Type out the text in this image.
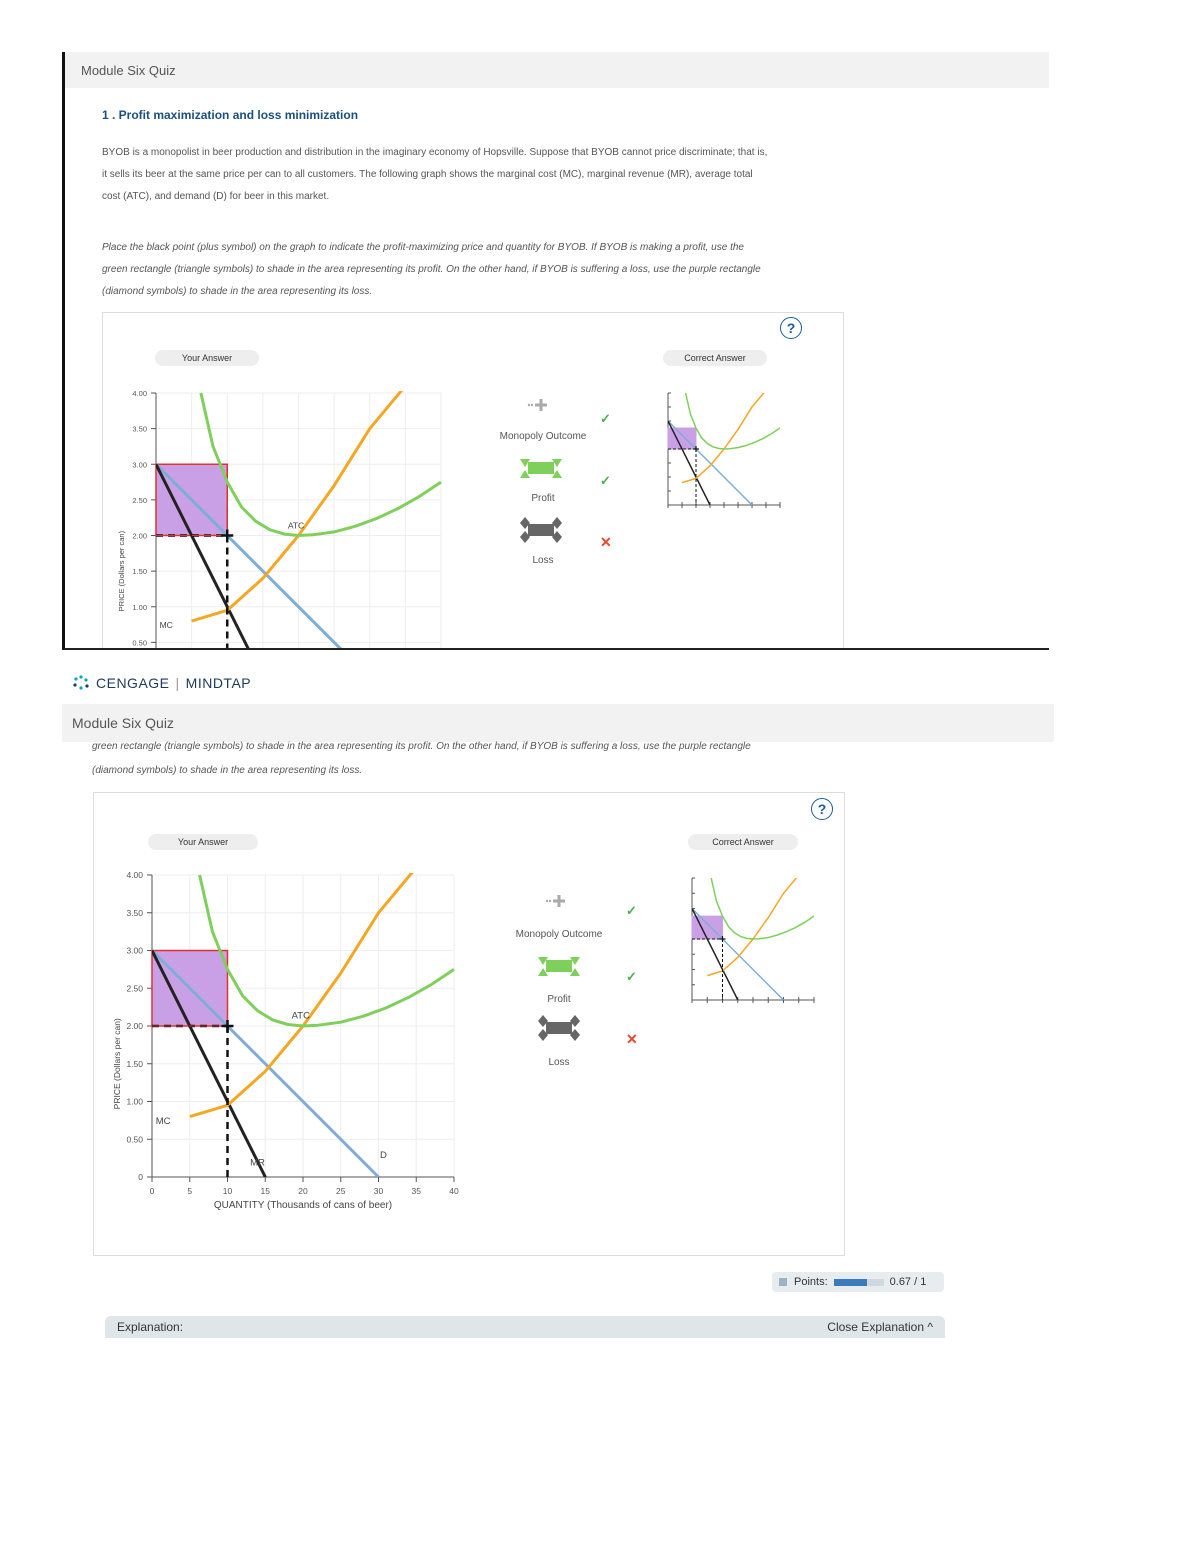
Module Six Quiz
1 . Profit maximization and loss minimization
BYOB is a monopolist in beer production and distribution in the imaginary economy of Hopsville. Suppose that BYOB cannot price discriminate; that is,
it sells its beer at the same price per can to all customers. The following graph shows the marginal cost (MC), marginal revenue (MR), average total
cost (ATC), and demand (D) for beer in this market.
Place the black point (plus symbol) on the graph to indicate the profit-maximizing price and quantity for BYOB. If BYOB is making a profit, use the
green rectangle (triangle symbols) to shade in the area representing its profit. On the other hand, if BYOB is suffering a loss, use the purple rectangle
(diamond symbols) to shade in the area representing its loss.
?
Your Answer	Correct Answer
0.50
1.00
1.50
2.00
2.50
3.00
3.50
4.00
PRICE (Dollars per can)
ATC
MC
Monopoly Outcome
Profit
Loss
✓
✓
✕
CENGAGE | MINDTAP
Module Six Quiz
green rectangle (triangle symbols) to shade in the area representing its profit. On the other hand, if BYOB is suffering a loss, use the purple rectangle
(diamond symbols) to shade in the area representing its loss.
?
Your Answer	Correct Answer
0
0.50
1.00
1.50
2.00
2.50
3.00
3.50
4.00
0	5	10	15	20	25	30	35	40
QUANTITY (Thousands of cans of beer)
PRICE (Dollars per can)
ATC
MC
MR
D
Monopoly Outcome
Profit
Loss
✓
✓
✕
Points:	0.67 / 1
Explanation:	Close Explanation ^
